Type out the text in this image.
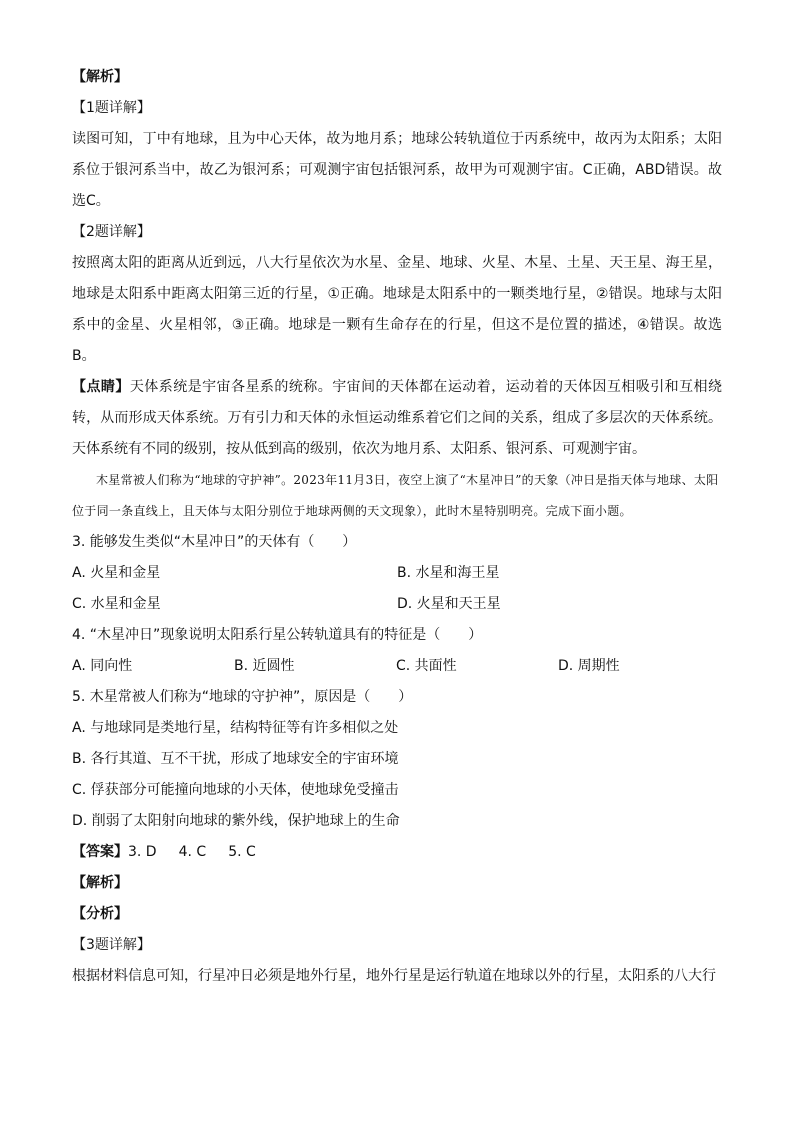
【解析】

【1题详解】

读图可知，丁中有地球，且为中心天体，故为地月系；地球公转轨道位于丙系统中，故丙为太阳系；太阳系位于银河系当中，故乙为银河系；可观测宇宙包括银河系，故甲为可观测宇宙。C正确，ABD错误。故选C。

【2题详解】

按照离太阳的距离从近到远，八大行星依次为水星、金星、地球、火星、木星、土星、天王星、海王星，地球是太阳系中距离太阳第三近的行星，①正确。地球是太阳系中的一颗类地行星，②错误。地球与太阳系中的金星、火星相邻，③正确。地球是一颗有生命存在的行星，但这不是位置的描述，④错误。故选B。

【点睛】天体系统是宇宙各星系的统称。宇宙间的天体都在运动着，运动着的天体因互相吸引和互相绕转，从而形成天体系统。万有引力和天体的永恒运动维系着它们之间的关系，组成了多层次的天体系统。天体系统有不同的级别，按从低到高的级别，依次为地月系、太阳系、银河系、可观测宇宙。

木星常被人们称为“地球的守护神”。2023年11月3日，夜空上演了“木星冲日”的天象（冲日是指天体与地球、太阳位于同一条直线上，且天体与太阳分别位于地球两侧的天文现象），此时木星特别明亮。完成下面小题。

3. 能够发生类似“木星冲日”的天体有（　　）

A. 火星和金星	B. 水星和海王星
C. 水星和金星	D. 火星和天王星

4. “木星冲日”现象说明太阳系行星公转轨道具有的特征是（　　）

A. 同向性	B. 近圆性	C. 共面性	D. 周期性

5. 木星常被人们称为“地球的守护神”，原因是（　　）

A. 与地球同是类地行星，结构特征等有许多相似之处

B. 各行其道、互不干扰，形成了地球安全的宇宙环境

C. 俘获部分可能撞向地球的小天体，使地球免受撞击

D. 削弱了太阳射向地球的紫外线，保护地球上的生命

【答案】3. D 4. C 5. C

【解析】

【分析】

【3题详解】

根据材料信息可知，行星冲日必须是地外行星，地外行星是运行轨道在地球以外的行星，太阳系的八大行
